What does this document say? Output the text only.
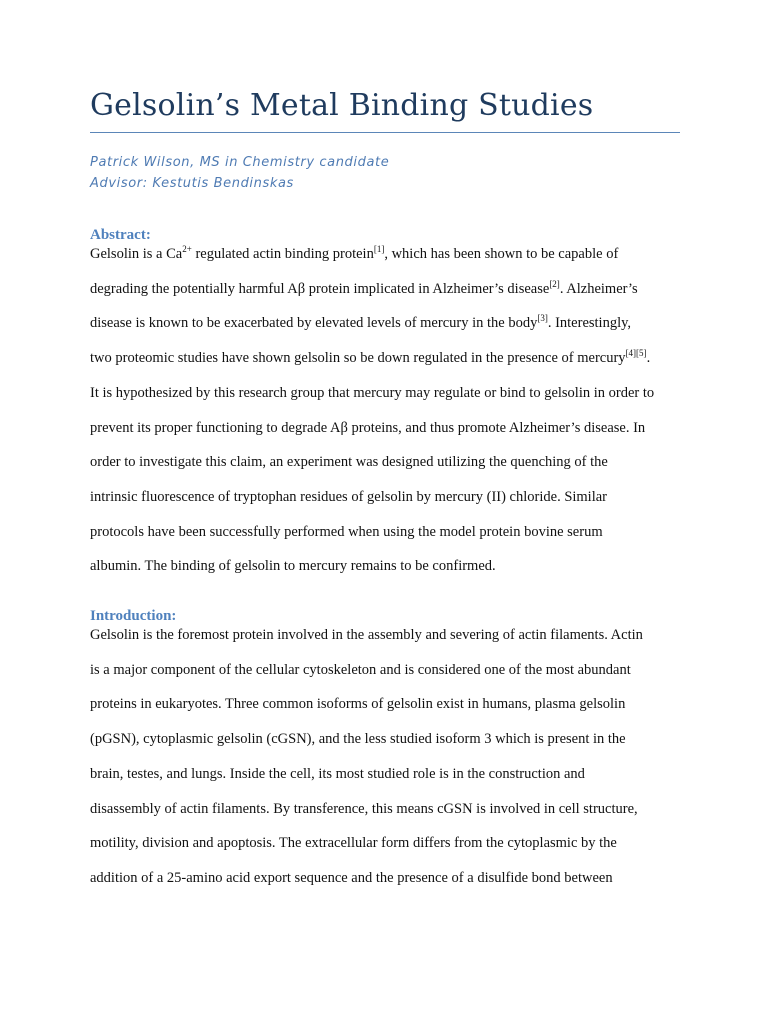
Gelsolin’s Metal Binding Studies
Patrick Wilson, MS in Chemistry candidate
Advisor: Kestutis Bendinskas
Abstract:
Gelsolin is a $Ca^{2+}$ regulated actin binding protein[1], which has been shown to be capable of
degrading the potentially harmful Aβ protein implicated in Alzheimer’s disease[2]. Alzheimer’s
disease is known to be exacerbated by elevated levels of mercury in the body[3]. Interestingly,
two proteomic studies have shown gelsolin so be down regulated in the presence of mercury[4][5].
It is hypothesized by this research group that mercury may regulate or bind to gelsolin in order to
prevent its proper functioning to degrade Aβ proteins, and thus promote Alzheimer’s disease. In
order to investigate this claim, an experiment was designed utilizing the quenching of the
intrinsic fluorescence of tryptophan residues of gelsolin by mercury (II) chloride. Similar
protocols have been successfully performed when using the model protein bovine serum
albumin. The binding of gelsolin to mercury remains to be confirmed.
Introduction:
Gelsolin is the foremost protein involved in the assembly and severing of actin filaments. Actin
is a major component of the cellular cytoskeleton and is considered one of the most abundant
proteins in eukaryotes. Three common isoforms of gelsolin exist in humans, plasma gelsolin
(pGSN), cytoplasmic gelsolin (cGSN), and the less studied isoform 3 which is present in the
brain, testes, and lungs. Inside the cell, its most studied role is in the construction and
disassembly of actin filaments. By transference, this means cGSN is involved in cell structure,
motility, division and apoptosis. The extracellular form differs from the cytoplasmic by the
addition of a 25-amino acid export sequence and the presence of a disulfide bond between
